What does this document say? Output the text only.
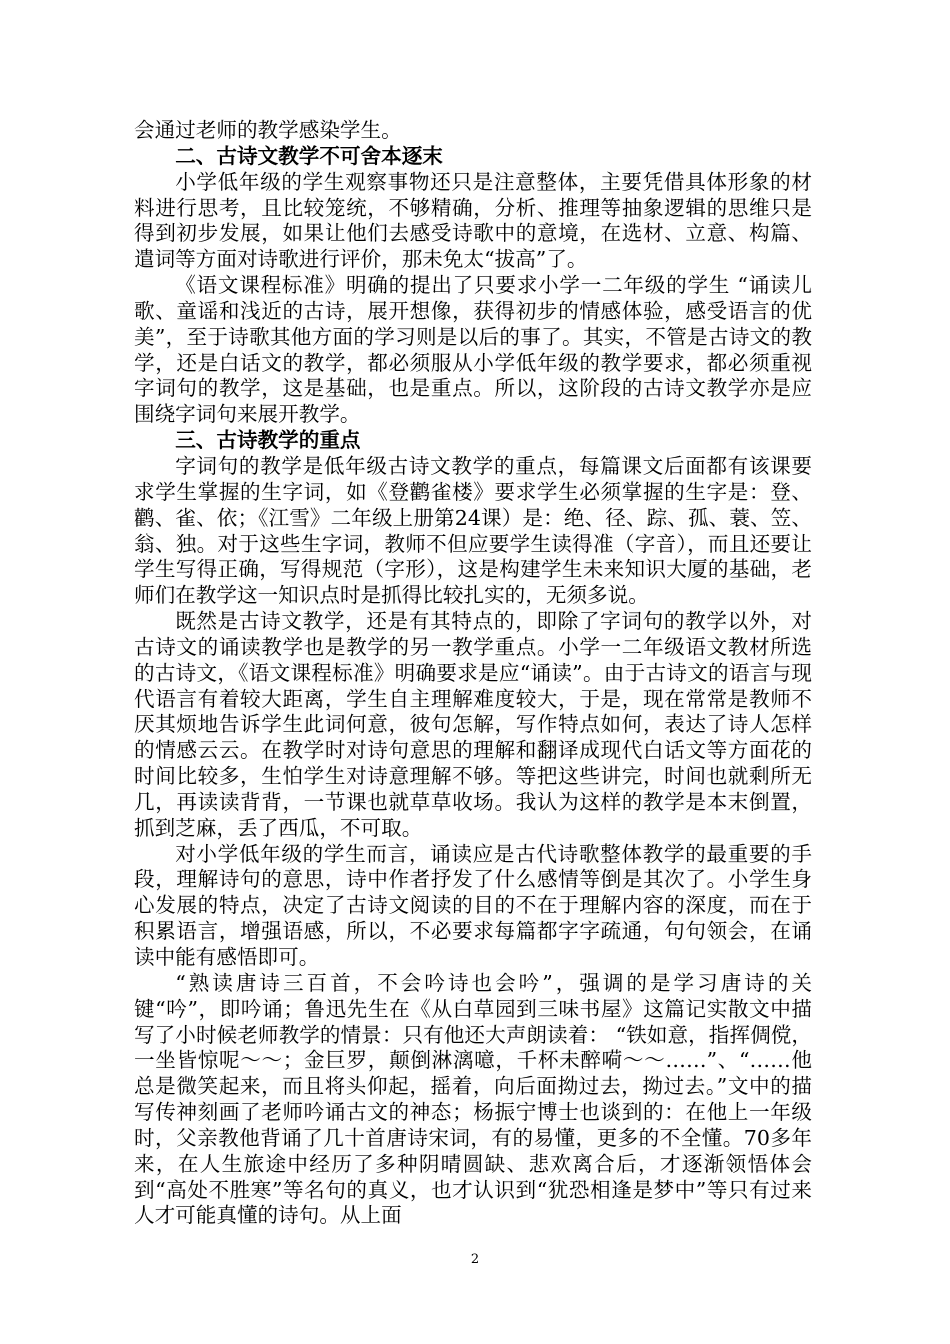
会通过老师的教学感染学生。

二、古诗文教学不可舍本逐末

小学低年级的学生观察事物还只是注意整体，主要凭借具体形象的材料进行思考，且比较笼统，不够精确，分析、推理等抽象逻辑的思维只是得到初步发展，如果让他们去感受诗歌中的意境，在选材、立意、构篇、遣词等方面对诗歌进行评价，那未免太“拔高”了。

《语文课程标准》明确的提出了只要求小学一二年级的学生 “诵读儿歌、童谣和浅近的古诗，展开想像，获得初步的情感体验，感受语言的优美”，至于诗歌其他方面的学习则是以后的事了。其实，不管是古诗文的教学，还是白话文的教学，都必须服从小学低年级的教学要求，都必须重视字词句的教学，这是基础，也是重点。所以，这阶段的古诗文教学亦是应围绕字词句来展开教学。

三、古诗教学的重点

字词句的教学是低年级古诗文教学的重点，每篇课文后面都有该课要求学生掌握的生字词，如《登鹳雀楼》要求学生必须掌握的生字是：登、鹳、雀、依；《江雪》二年级上册第24课）是：绝、径、踪、孤、蓑、笠、翁、独。对于这些生字词，教师不但应要学生读得准（字音），而且还要让学生写得正确，写得规范（字形），这是构建学生未来知识大厦的基础，老师们在教学这一知识点时是抓得比较扎实的，无须多说。

既然是古诗文教学，还是有其特点的，即除了字词句的教学以外，对古诗文的诵读教学也是教学的另一教学重点。小学一二年级语文教材所选的古诗文，《语文课程标准》明确要求是应“诵读”。由于古诗文的语言与现代语言有着较大距离，学生自主理解难度较大，于是，现在常常是教师不厌其烦地告诉学生此词何意，彼句怎解，写作特点如何，表达了诗人怎样的情感云云。在教学时对诗句意思的理解和翻译成现代白话文等方面花的时间比较多，生怕学生对诗意理解不够。等把这些讲完，时间也就剩所无几，再读读背背，一节课也就草草收场。我认为这样的教学是本末倒置，抓到芝麻，丢了西瓜，不可取。

对小学低年级的学生而言，诵读应是古代诗歌整体教学的最重要的手段，理解诗句的意思，诗中作者抒发了什么感情等倒是其次了。小学生身心发展的特点，决定了古诗文阅读的目的不在于理解内容的深度，而在于积累语言，增强语感，所以，不必要求每篇都字字疏通，句句领会，在诵读中能有感悟即可。

“熟读唐诗三百首，不会吟诗也会吟”，强调的是学习唐诗的关键“吟”，即吟诵；鲁迅先生在《从白草园到三味书屋》这篇记实散文中描写了小时候老师教学的情景：只有他还大声朗读着： “铁如意，指挥倜傥，一坐皆惊呢～～；金巨罗，颠倒淋漓噫，千杯未醉嗬～～……”、“……他总是微笑起来，而且将头仰起，摇着，向后面拗过去，拗过去。”文中的描写传神刻画了老师吟诵古文的神态；杨振宁博士也谈到的：在他上一年级时，父亲教他背诵了几十首唐诗宋词，有的易懂，更多的不全懂。70多年来，在人生旅途中经历了多种阴晴圆缺、悲欢离合后，才逐渐领悟体会到“高处不胜寒”等名句的真义，也才认识到“犹恐相逢是梦中”等只有过来人才可能真懂的诗句。从上面

2
